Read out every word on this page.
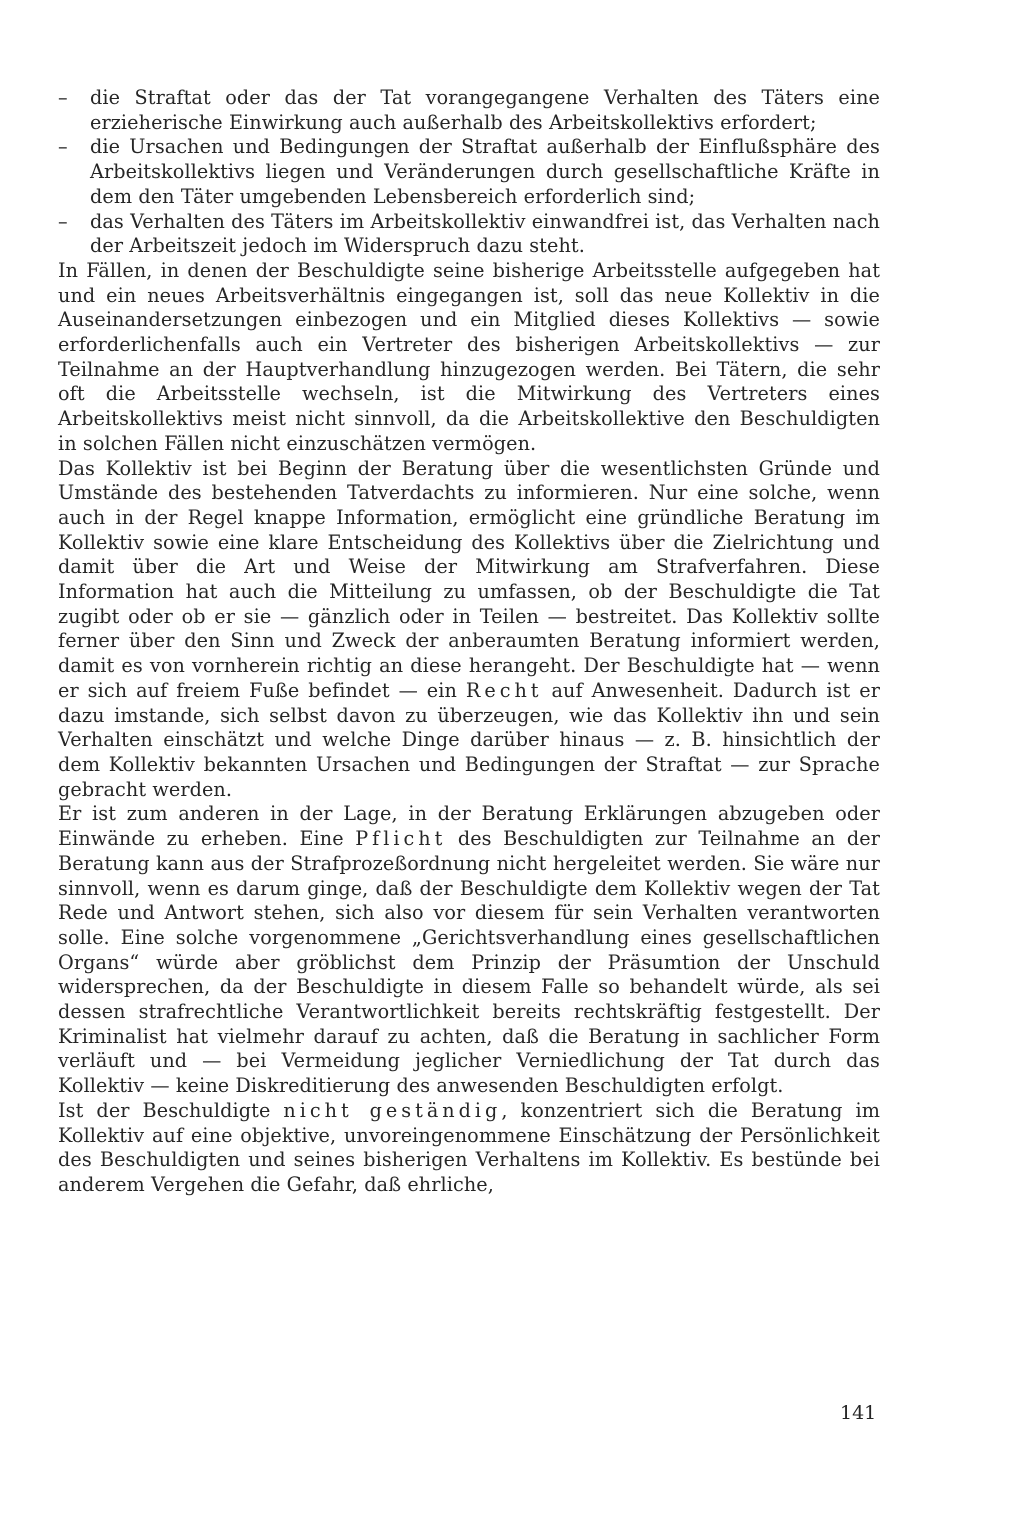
– die Straftat oder das der Tat vorangegangene Verhalten des Täters eine erzieherische Einwirkung auch außerhalb des Arbeitskollektivs erfordert;
– die Ursachen und Bedingungen der Straftat außerhalb der Einflußsphäre des Arbeitskollektivs liegen und Veränderungen durch gesellschaftliche Kräfte in dem den Täter umgebenden Lebensbereich erforderlich sind;
– das Verhalten des Täters im Arbeitskollektiv einwandfrei ist, das Verhalten nach der Arbeitszeit jedoch im Widerspruch dazu steht.

In Fällen, in denen der Beschuldigte seine bisherige Arbeitsstelle aufgegeben hat und ein neues Arbeitsverhältnis eingegangen ist, soll das neue Kollektiv in die Auseinandersetzungen einbezogen und ein Mitglied dieses Kollektivs — sowie erforderlichenfalls auch ein Vertreter des bisherigen Arbeitskollektivs — zur Teilnahme an der Hauptverhandlung hinzugezogen werden. Bei Tätern, die sehr oft die Arbeitsstelle wechseln, ist die Mitwirkung des Vertreters eines Arbeitskollektivs meist nicht sinnvoll, da die Arbeitskollektive den Beschuldigten in solchen Fällen nicht einzuschätzen vermögen.

Das Kollektiv ist bei Beginn der Beratung über die wesentlichsten Gründe und Umstände des bestehenden Tatverdachts zu informieren. Nur eine solche, wenn auch in der Regel knappe Information, ermöglicht eine gründliche Beratung im Kollektiv sowie eine klare Entscheidung des Kollektivs über die Zielrichtung und damit über die Art und Weise der Mitwirkung am Strafverfahren. Diese Information hat auch die Mitteilung zu umfassen, ob der Beschuldigte die Tat zugibt oder ob er sie — gänzlich oder in Teilen — bestreitet. Das Kollektiv sollte ferner über den Sinn und Zweck der anberaumten Beratung informiert werden, damit es von vornherein richtig an diese herangeht. Der Beschuldigte hat — wenn er sich auf freiem Fuße befindet — ein Recht auf Anwesenheit. Dadurch ist er dazu imstande, sich selbst davon zu überzeugen, wie das Kollektiv ihn und sein Verhalten einschätzt und welche Dinge darüber hinaus — z. B. hinsichtlich der dem Kollektiv bekannten Ursachen und Bedingungen der Straftat — zur Sprache gebracht werden.

Er ist zum anderen in der Lage, in der Beratung Erklärungen abzugeben oder Einwände zu erheben. Eine Pflicht des Beschuldigten zur Teilnahme an der Beratung kann aus der Strafprozeßordnung nicht hergeleitet werden. Sie wäre nur sinnvoll, wenn es darum ginge, daß der Beschuldigte dem Kollektiv wegen der Tat Rede und Antwort stehen, sich also vor diesem für sein Verhalten verantworten solle. Eine solche vorgenommene „Gerichtsverhandlung eines gesellschaftlichen Organs“ würde aber gröblichst dem Prinzip der Präsumtion der Unschuld widersprechen, da der Beschuldigte in diesem Falle so behandelt würde, als sei dessen strafrechtliche Verantwortlichkeit bereits rechtskräftig festgestellt. Der Kriminalist hat vielmehr darauf zu achten, daß die Beratung in sachlicher Form verläuft und — bei Vermeidung jeglicher Verniedlichung der Tat durch das Kollektiv — keine Diskreditierung des anwesenden Beschuldigten erfolgt.

Ist der Beschuldigte nicht geständig, konzentriert sich die Beratung im Kollektiv auf eine objektive, unvoreingenommene Einschätzung der Persönlichkeit des Beschuldigten und seines bisherigen Verhaltens im Kollektiv. Es bestünde bei anderem Vergehen die Gefahr, daß ehrliche,

141
